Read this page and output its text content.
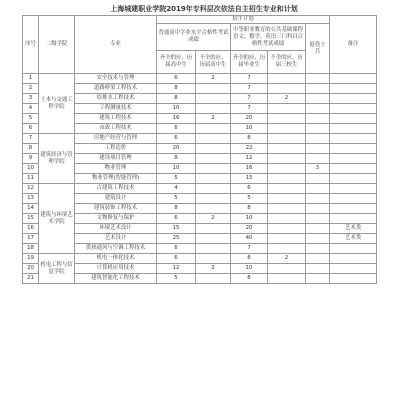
上海城建职业学院2019年专科层次依法自主招生专业和计划
序号	二级学院	专业	招生计划					备注
			普通高中学业水平合格性考试成绩		中等职业教育的公共基础课程语文、数学、英语三门科目合格性考试成绩		退役士兵	
			齐全的应、历届高中生	不全的应、历届高中生	齐全的应、历届毕业生	不全的应、历届三校生		
1	土木与交通工程学院	安全技术与管理	6	2	7			
2		道路桥梁工程技术	8		7			
3		给排水工程技术	8		7	2		
4		工程测量技术	10		7			
5		建筑工程技术	16	2	20			
6		市政工程技术	6		10			
7	建筑经济与管理学院	房地产经营与管理	6		8			
8		工程造价	20		22			
9		建设项目管理	8		12			
10		物业管理	10		16		3	
11		物业管理(智能管理)	5		15			
12	建筑与环境艺术学院	古建筑工程技术	4		6			
13		建筑设计	5		5			
14		建筑装饰工程技术	8		8			
15		文物修复与保护	6	2	10			
16		环境艺术设计	15		20			艺术类
17		艺术设计	25		40			艺术类
18		供热通风与空调工程技术	6		7			
19	机电工程与信息学院	机电一体化技术	6		8	2		
20		计算机应用技术	12	2	10			
21		建筑智能化工程技术	5		8			
